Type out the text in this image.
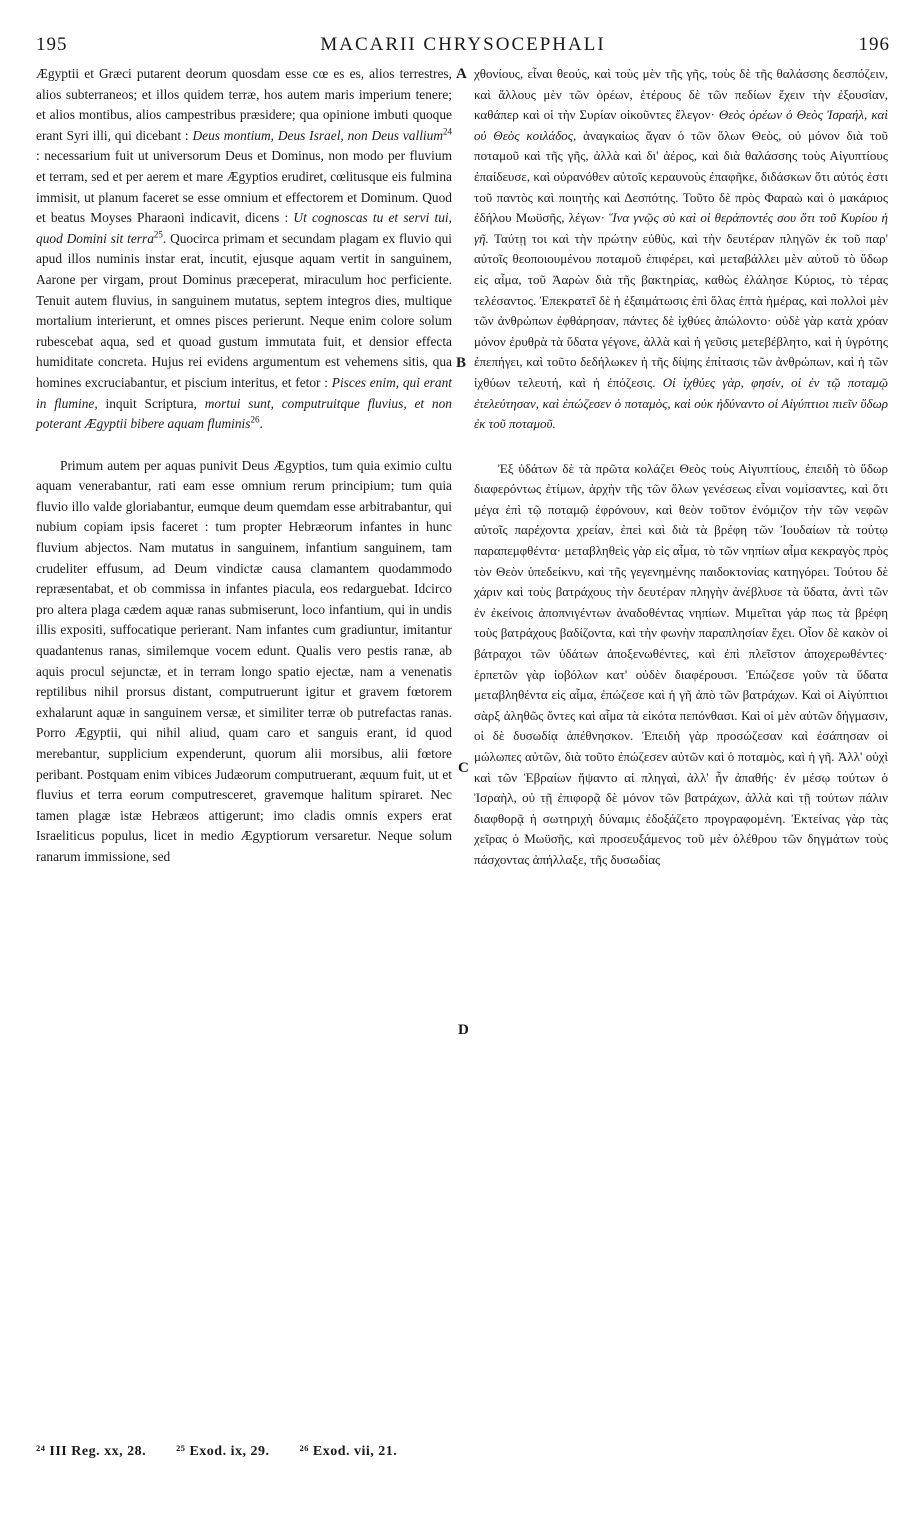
195	MACARII CHRYSOCEPHALI	196

Ægyptii et Græci putarent deorum quosdam esse cœ es es, alios terrestres, alios subterraneos; et illos quidem terræ, hos autem maris imperium tenere; et alios montibus, alios campestribus præsidere; qua opinione imbuti quoque erant Syri illi, qui dicebant : Deus montium, Deus Israel, non Deus vallium$^{24}$ : necessarium fuit ut universorum Deus et Dominus, non modo per fluvium et terram, sed et per aerem et mare Ægyptios erudiret, cœlitusque eis fulmina immisit, ut planum faceret se esse omnium et effectorem et Dominum. Quod et beatus Moyses Pharaoni indicavit, dicens : Ut cognoscas tu et servi tui, quod Domini sit terra$^{25}$. Quocirca primam et secundam plagam ex fluvio qui apud illos numinis instar erat, incutit, ejusque aquam vertit in sanguinem, Aarone per virgam, prout Dominus præceperat, miraculum hoc perficiente. Tenuit autem fluvius, in sanguinem mutatus, septem integros dies, multique mortalium interierunt, et omnes pisces perierunt. Neque enim colore solum rubescebat aqua, sed et quoad gustum immutata fuit, et densior effecta humiditate concreta. Hujus rei evidens argumentum est vehemens sitis, qua homines excruciabantur, et piscium interitus, et fetor : Pisces enim, qui erant in flumine, inquit Scriptura, mortui sunt, computruitque fluvius, et non poterant Ægyptii bibere aquam fluminis$^{26}$.

Primum autem per aquas punivit Deus Ægyptios, tum quia eximio cultu aquam venerabantur, rati eam esse omnium rerum principium; tum quia fluvio illo valde gloriabantur, eumque deum quemdam esse arbitrabantur, qui nubium copiam ipsis faceret : tum propter Hebræorum infantes in hunc fluvium abjectos. Nam mutatus in sanguinem, infantium sanguinem, tam crudeliter effusum, ad Deum vindictæ causa clamantem quodammodo repræsentabat, et ob commissa in infantes piacula, eos redarguebat. Idcirco pro altera plaga cædem aquæ ranas submiserunt, loco infantium, qui in undis illis expositi, suffocatique perierant. Nam infantes cum gradiuntur, imitantur quadantenus ranas, similemque vocem edunt. Qualis vero pestis ranæ, ab aquis procul sejunctæ, et in terram longo spatio ejectæ, nam a venenatis reptilibus nihil prorsus distant, computruerunt igitur et gravem fœtorem exhalarunt aquæ in sanguinem versæ, et similiter terræ ob putrefactas ranas. Porro Ægyptii, qui nihil aliud, quam caro et sanguis erant, id quod merebantur, supplicium expenderunt, quorum alii morsibus, alii fœtore peribant. Postquam enim vibices Judæorum computruerant, æquum fuit, ut et fluvius et terra eorum computresceret, gravemque halitum spiraret. Nec tamen plagæ istæ Hebræos attigerunt; imo cladis omnis expers erat Israeliticus populus, licet in medio Ægyptiorum versaretur. Neque solum ranarum immissione, sed

χθονίους, εἶναι θεούς, καὶ τοὺς μὲν τῆς γῆς, τοὺς δὲ τῆς θαλάσσης δεσπόζειν, καὶ ἄλλους μὲν τῶν ὀρέων, ἑτέρους δὲ τῶν πεδίων ἔχειν τὴν ἐξουσίαν, καθάπερ καὶ οἱ τὴν Συρίαν οἰκοῦντες ἔλεγον· Θεὸς ὀρέων ὁ Θεὸς Ἰσραήλ, καὶ οὐ Θεὸς κοιλάδος, ἀναγκαίως ἄγαν ὁ τῶν ὅλων Θεὸς, οὐ μόνον διὰ τοῦ ποταμοῦ καὶ τῆς γῆς, ἀλλὰ καὶ δι' ἀέρος, καὶ διὰ θαλάσσης τοὺς Αἰγυπτίους ἐπαίδευσε, καὶ οὐρανόθεν αὐτοῖς κεραυνοὺς ἐπαφῆκε, διδάσκων ὅτι αὐτός ἐστι τοῦ παντὸς καὶ ποιητὴς καὶ Δεσπότης. Τοῦτο δὲ πρὸς Φαραὼ καὶ ὁ μακάριος ἐδήλου Μωϋσῆς, λέγων· Ἵνα γνῷς σὺ καὶ οἱ θεράποντές σου ὅτι τοῦ Κυρίου ἡ γῆ. Ταύτῃ τοι καὶ τὴν πρώτην εὐθὺς, καὶ τὴν δευτέραν πληγῶν ἐκ τοῦ παρ' αὐτοῖς θεοποιουμένου ποταμοῦ ἐπιφέρει, καὶ μεταβάλλει μὲν αὐτοῦ τὸ ὕδωρ εἰς αἷμα, τοῦ Ἀαρὼν διὰ τῆς βακτηρίας, καθὼς ἐλάλησε Κύριος, τὸ τέρας τελέσαντος. Ἐπεκρατεῖ δὲ ἡ ἐξαιμάτωσις ἐπὶ ὅλας ἑπτὰ ἡμέρας, καὶ πολλοὶ μὲν τῶν ἀνθρώπων ἐφθάρησαν, πάντες δὲ ἰχθύες ἀπώλοντο· οὐδὲ γὰρ κατὰ χρόαν μόνον ἐρυθρὰ τὰ ὕδατα γέγονε, ἀλλὰ καὶ ἡ γεῦσις μετεβέβλητο, καὶ ἡ ὑγρότης ἐπεπήγει, καὶ τοῦτο δεδήλωκεν ἡ τῆς δίψης ἐπίτασις τῶν ἀνθρώπων, καὶ ἡ τῶν ἰχθύων τελευτή, καὶ ἡ ἐπόζεσις. Οἱ ἰχθύες γὰρ, φησίν, οἱ ἐν τῷ ποταμῷ ἐτελεύτησαν, καὶ ἐπώζεσεν ὁ ποταμὸς, καὶ οὐκ ἠδύναντο οἱ Αἰγύπτιοι πιεῖν ὕδωρ ἐκ τοῦ ποταμοῦ.

Ἐξ ὑδάτων δὲ τὰ πρῶτα κολάζει Θεὸς τοὺς Αἰγυπτίους, ἐπειδὴ τὸ ὕδωρ διαφερόντως ἐτίμων, ἀρχὴν τῆς τῶν ὅλων γενέσεως εἶναι νομίσαντες, καὶ ὅτι μέγα ἐπὶ τῷ ποταμῷ ἐφρόνουν, καὶ θεὸν τοῦτον ἐνόμιζον τὴν τῶν νεφῶν αὐτοῖς παρέχοντα χρείαν, ἐπεὶ καὶ διὰ τὰ βρέφη τῶν Ἰουδαίων τὰ τούτῳ παραπεμφθέντα· μεταβληθεὶς γὰρ εἰς αἷμα, τὸ τῶν νηπίων αἷμα κεκραγὸς πρὸς τὸν Θεὸν ὑπεδείκνυ, καὶ τῆς γεγενημένης παιδοκτονίας κατηγόρει. Τούτου δὲ χάριν καὶ τοὺς βατράχους τὴν δευτέραν πληγὴν ἀνέβλυσε τὰ ὕδατα, ἀντὶ τῶν ἐν ἐκείνοις ἀποπνιγέντων ἀναδοθέντας νηπίων. Μιμεῖται γάρ πως τὰ βρέφη τοὺς βατράχους βαδίζοντα, καὶ τὴν φωνὴν παραπλησίαν ἔχει. Οἷον δὲ κακὸν οἱ βάτραχοι τῶν ὑδάτων ἀποξενωθέντες, καὶ ἐπὶ πλεῖστον ἀποχερωθέντες· ἑρπετῶν γὰρ ἰοβόλων κατ' οὐδὲν διαφέρουσι. Ἐπώζεσε γοῦν τὰ ὕδατα μεταβληθέντα εἰς αἷμα, ἐπώζεσε καὶ ἡ γῆ ἀπὸ τῶν βατράχων. Καὶ οἱ Αἰγύπτιοι σὰρξ ἀληθῶς ὄντες καὶ αἷμα τὰ εἰκότα πεπόνθασι. Καὶ οἱ μὲν αὐτῶν δήγμασιν, οἱ δὲ δυσωδίᾳ ἀπέθνησκον. Ἐπειδὴ γὰρ προσώζεσαν καὶ ἐσάπησαν οἱ μώλωπες αὐτῶν, διὰ τοῦτο ἐπώζεσεν αὐτῶν καὶ ὁ ποταμὸς, καὶ ἡ γῆ. Ἀλλ' οὐχὶ καὶ τῶν Ἑβραίων ἥψαντο αἱ πληγαὶ, ἀλλ' ἦν ἀπαθής· ἐν μέσῳ τούτων ὁ Ἰσραὴλ, οὐ τῇ ἐπιφορᾷ δὲ μόνον τῶν βατράχων, ἀλλὰ καὶ τῇ τούτων πάλιν διαφθορᾷ ἡ σωτηριχὴ δύναμις ἐδοξάζετο προγραφομένη. Ἐκτείνας γὰρ τὰς χεῖρας ὁ Μωϋσῆς, καὶ προσευξάμενος τοῦ μὲν ὀλέθρου τῶν δηγμάτων τοὺς πάσχοντας ἀπήλλαξε, τῆς δυσωδίας

A
B
C
D
²⁴ III Reg. xx, 28. ²⁵ Exod. ix, 29. ²⁶ Exod. vii, 21.
